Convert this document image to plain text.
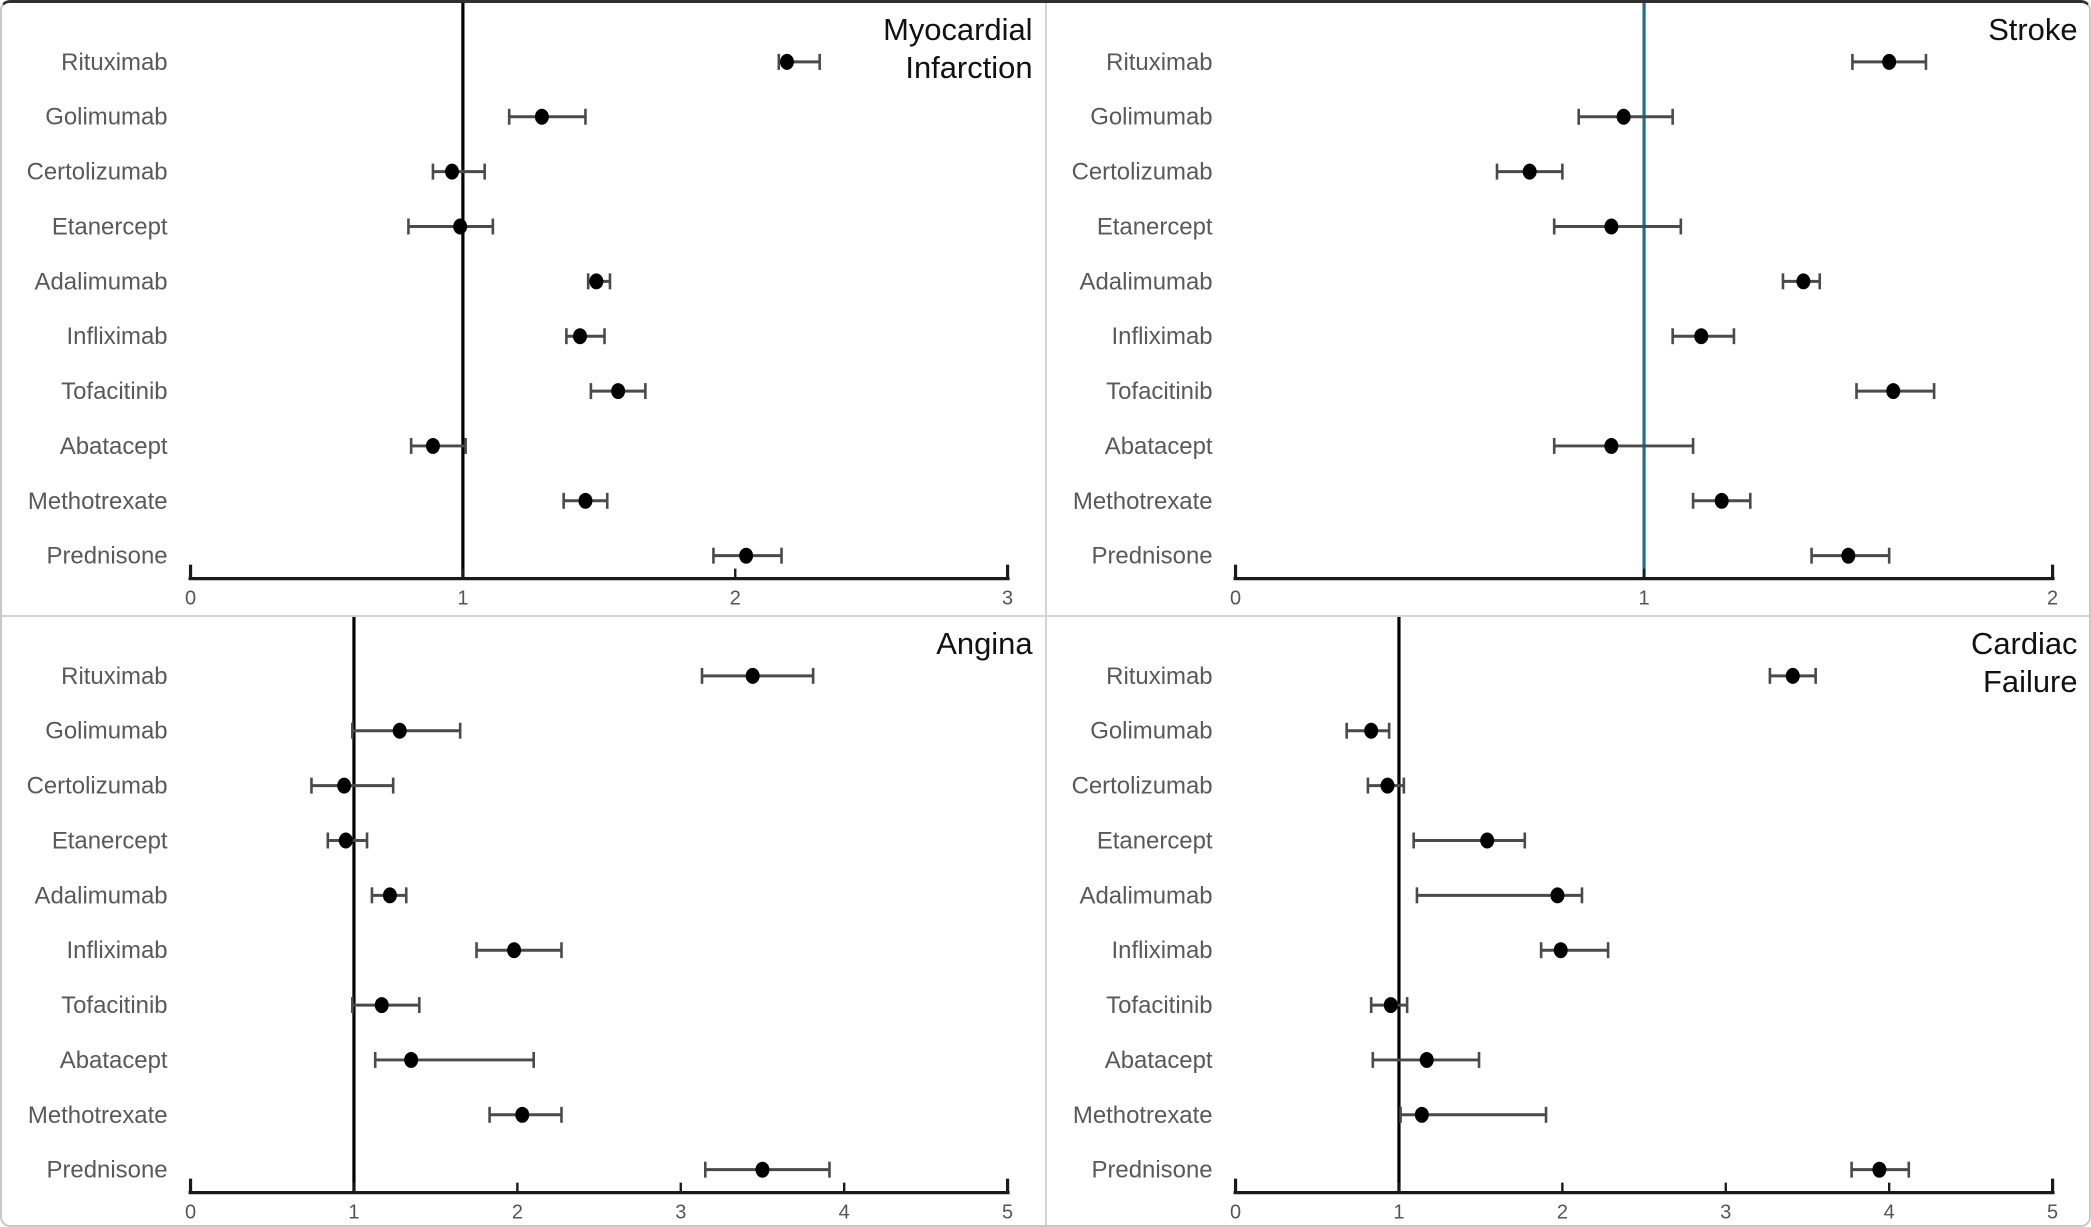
Rituximab
Golimumab
Certolizumab
Etanercept
Adalimumab
Infliximab
Tofacitinib
Abatacept
Methotrexate
Prednisone
0	1	2	3
Myocardial
Infarction	Rituximab
Golimumab
Certolizumab
Etanercept
Adalimumab
Infliximab
Tofacitinib
Abatacept
Methotrexate
Prednisone
0	1	2
Stroke
Rituximab
Golimumab
Certolizumab
Etanercept
Adalimumab
Infliximab
Tofacitinib
Abatacept
Methotrexate
Prednisone
0	1	2	3	4	5
Angina
Rituximab
Golimumab
Certolizumab
Etanercept
Adalimumab
Infliximab
Tofacitinib
Abatacept
Methotrexate
Prednisone
0	1	2	3	4	5
Cardiac
Failure
